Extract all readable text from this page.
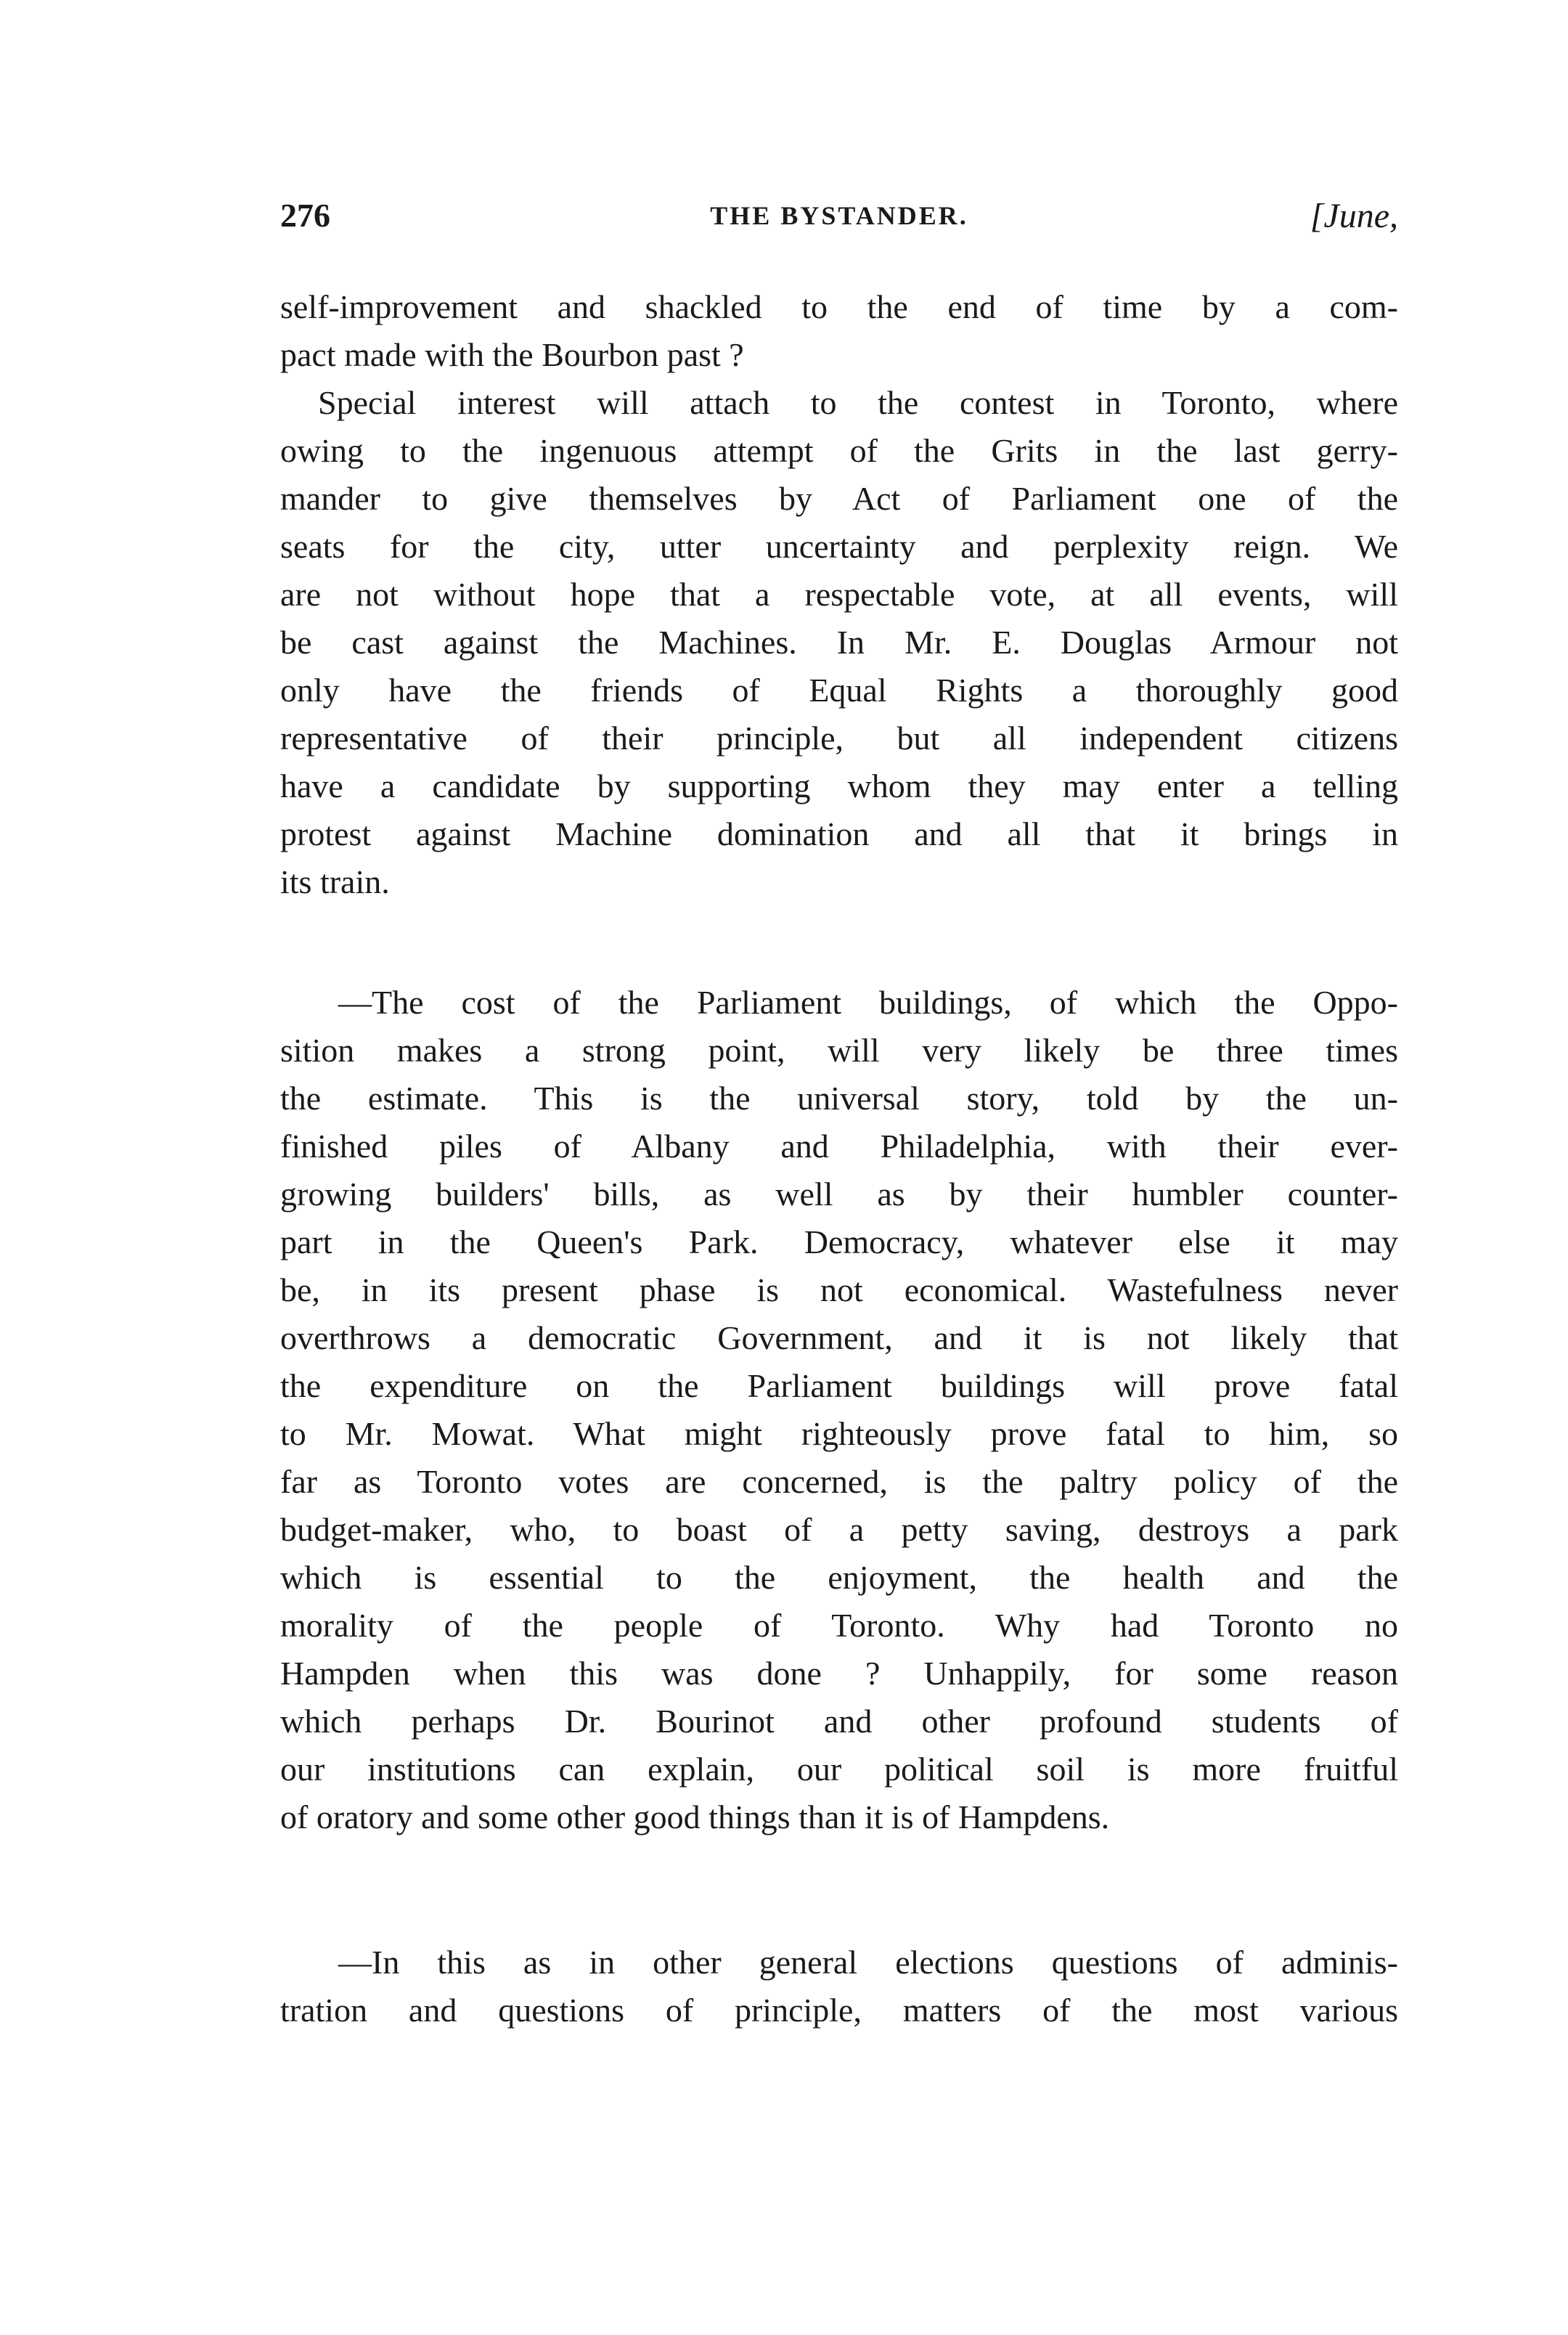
276	THE BYSTANDER.	[June,
self-improvement and shackled to the end of time by a com-
pact made with the Bourbon past ?
Special interest will attach to the contest in Toronto, where
owing to the ingenuous attempt of the Grits in the last gerry-
mander to give themselves by Act of Parliament one of the
seats for the city, utter uncertainty and perplexity reign. We
are not without hope that a respectable vote, at all events, will
be cast against the Machines. In Mr. E. Douglas Armour not
only have the friends of Equal Rights a thoroughly good
representative of their principle, but all independent citizens
have a candidate by supporting whom they may enter a telling
protest against Machine domination and all that it brings in
its train.
—The cost of the Parliament buildings, of which the Oppo-
sition makes a strong point, will very likely be three times
the estimate. This is the universal story, told by the un-
finished piles of Albany and Philadelphia, with their ever-
growing builders' bills, as well as by their humbler counter-
part in the Queen's Park. Democracy, whatever else it may
be, in its present phase is not economical. Wastefulness never
overthrows a democratic Government, and it is not likely that
the expenditure on the Parliament buildings will prove fatal
to Mr. Mowat. What might righteously prove fatal to him, so
far as Toronto votes are concerned, is the paltry policy of the
budget-maker, who, to boast of a petty saving, destroys a park
which is essential to the enjoyment, the health and the
morality of the people of Toronto. Why had Toronto no
Hampden when this was done ? Unhappily, for some reason
which perhaps Dr. Bourinot and other profound students of
our institutions can explain, our political soil is more fruitful
of oratory and some other good things than it is of Hampdens.
—In this as in other general elections questions of adminis-
tration and questions of principle, matters of the most various
